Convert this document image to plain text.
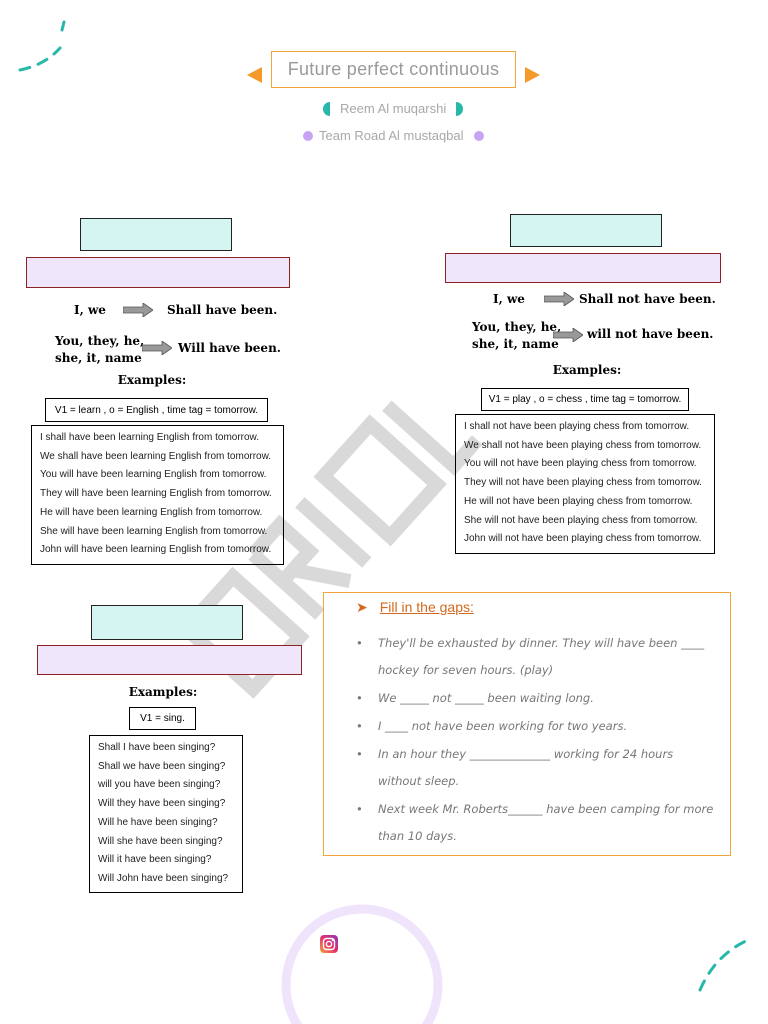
Future perfect continuous
Reem Al muqarshi
Team Road Al mustaqbal
I, we	Shall have been.
You, they, he,
she, it, name
Will have been.
Examples:
V1 = learn , o = English , time tag = tomorrow.
I shall have been learning English from tomorrow.
We shall have been learning English from tomorrow.
You will have been learning English from tomorrow.
They will have been learning English from tomorrow.
He will have been learning English from tomorrow.
She will have been learning English from tomorrow.
John will have been learning English from tomorrow.
I, we	Shall not have been.
You, they, he,
she, it, name
will not have been.
Examples:
V1 = play , o = chess , time tag = tomorrow.
I shall not have been playing chess from tomorrow.
We shall not have been playing chess from tomorrow.
You will not have been playing chess from tomorrow.
They will not have been playing chess from tomorrow.
He will not have been playing chess from tomorrow.
She will not have been playing chess from tomorrow.
John will not have been playing chess from tomorrow.
Examples:
V1 = sing.
Shall I have been singing?
Shall we have been singing?
will you have been singing?
Will they have been singing?
Will he have been singing?
Will she have been singing?
Will it have been singing?
Will John have been singing?
➤ Fill in the gaps:
• They'll be exhausted by dinner. They will have been ____ hockey for seven hours. (play)
• We _____ not _____ been waiting long.
• I ____ not have been working for two years.
• In an hour they ______________ working for 24 hours without sleep.
• Next week Mr. Roberts______ have been camping for more than 10 days.
